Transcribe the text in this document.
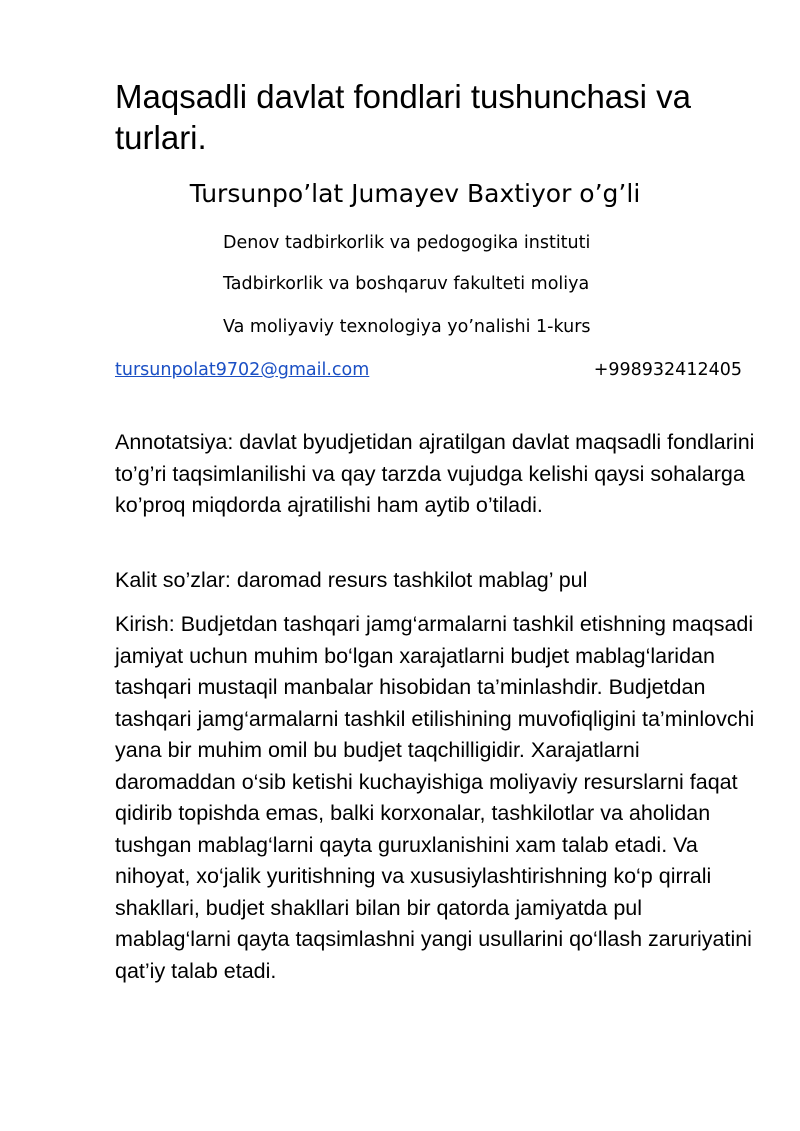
Maqsadli davlat fondlari tushunchasi va turlari.
Tursunpo’lat Jumayev Baxtiyor o’g’li
Denov tadbirkorlik va pedogogika instituti
Tadbirkorlik va boshqaruv fakulteti moliya
Va moliyaviy texnologiya yo’nalishi 1-kurs
tursunpolat9702@gmail.com	+998932412405

Annotatsiya: davlat byudjetidan ajratilgan davlat maqsadli fondlarini to’g’ri taqsimlanilishi va qay tarzda vujudga kelishi qaysi sohalarga ko’proq miqdorda ajratilishi ham aytib o’tiladi.

Kalit so’zlar: daromad resurs tashkilot mablag’ pul

Kirish: Budjetdan tashqari jamg‘armalarni tashkil etishning maqsadi jamiyat uchun muhim bo‘lgan xarajatlarni budjet mablag‘laridan tashqari mustaqil manbalar hisobidan ta’minlashdir. Budjetdan tashqari jamg‘armalarni tashkil etilishining muvofiqligini ta’minlovchi yana bir muhim omil bu budjet taqchilligidir. Xarajatlarni daromaddan o‘sib ketishi kuchayishiga moliyaviy resurslarni faqat qidirib topishda emas, balki korxonalar, tashkilotlar va aholidan tushgan mablag‘larni qayta guruxlanishini xam talab etadi. Va nihoyat, xo‘jalik yuritishning va xususiylashtirishning ko‘p qirrali shakllari, budjet shakllari bilan bir qatorda jamiyatda pul mablag‘larni qayta taqsimlashni yangi usullarini qo‘llash zaruriyatini qat’iy talab etadi.
